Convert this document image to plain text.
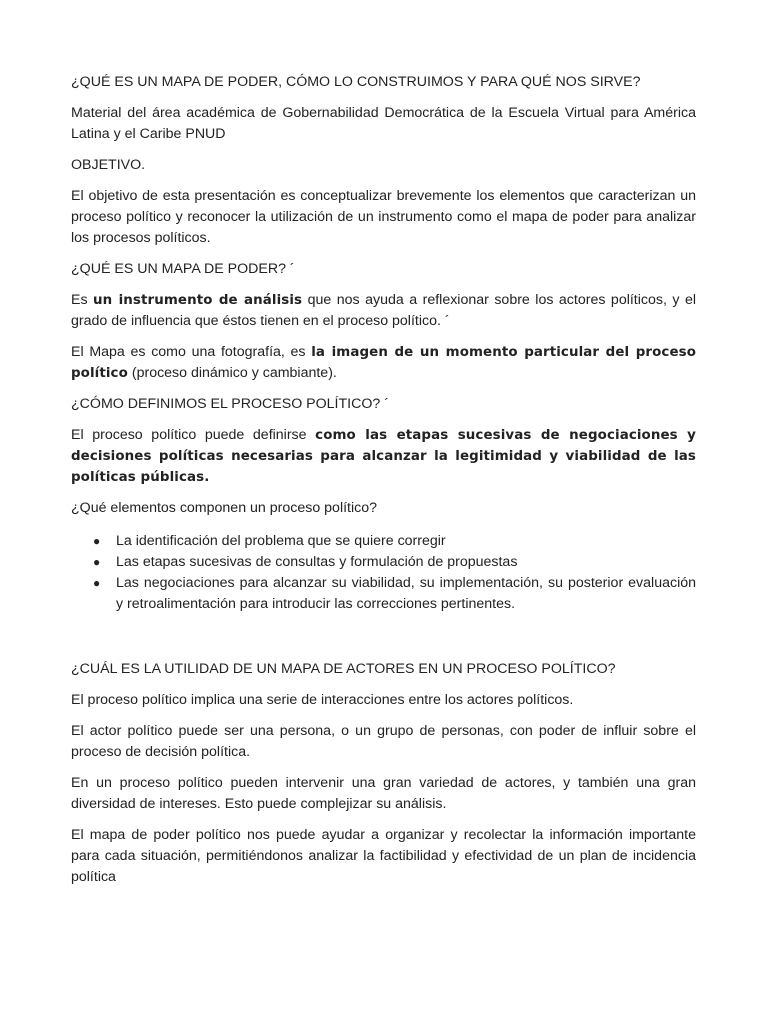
¿QUÉ ES UN MAPA DE PODER, CÓMO LO CONSTRUIMOS Y PARA QUÉ NOS SIRVE?

Material del área académica de Gobernabilidad Democrática de la Escuela Virtual para América Latina y el Caribe PNUD

OBJETIVO.

El objetivo de esta presentación es conceptualizar brevemente los elementos que caracterizan un proceso político y reconocer la utilización de un instrumento como el mapa de poder para analizar los procesos políticos.

¿QUÉ ES UN MAPA DE PODER? ´

Es un instrumento de análisis que nos ayuda a reflexionar sobre los actores políticos, y el grado de influencia que éstos tienen en el proceso político. ´

El Mapa es como una fotografía, es la imagen de un momento particular del proceso político (proceso dinámico y cambiante).

¿CÓMO DEFINIMOS EL PROCESO POLÍTICO? ´

El proceso político puede definirse como las etapas sucesivas de negociaciones y decisiones políticas necesarias para alcanzar la legitimidad y viabilidad de las políticas públicas.

¿Qué elementos componen un proceso político?

● La identificación del problema que se quiere corregir
● Las etapas sucesivas de consultas y formulación de propuestas
● Las negociaciones para alcanzar su viabilidad, su implementación, su posterior evaluación y retroalimentación para introducir las correcciones pertinentes.

¿CUÁL ES LA UTILIDAD DE UN MAPA DE ACTORES EN UN PROCESO POLÍTICO?

El proceso político implica una serie de interacciones entre los actores políticos.

El actor político puede ser una persona, o un grupo de personas, con poder de influir sobre el proceso de decisión política.

En un proceso político pueden intervenir una gran variedad de actores, y también una gran diversidad de intereses. Esto puede complejizar su análisis.

El mapa de poder político nos puede ayudar a organizar y recolectar la información importante para cada situación, permitiéndonos analizar la factibilidad y efectividad de un plan de incidencia política
